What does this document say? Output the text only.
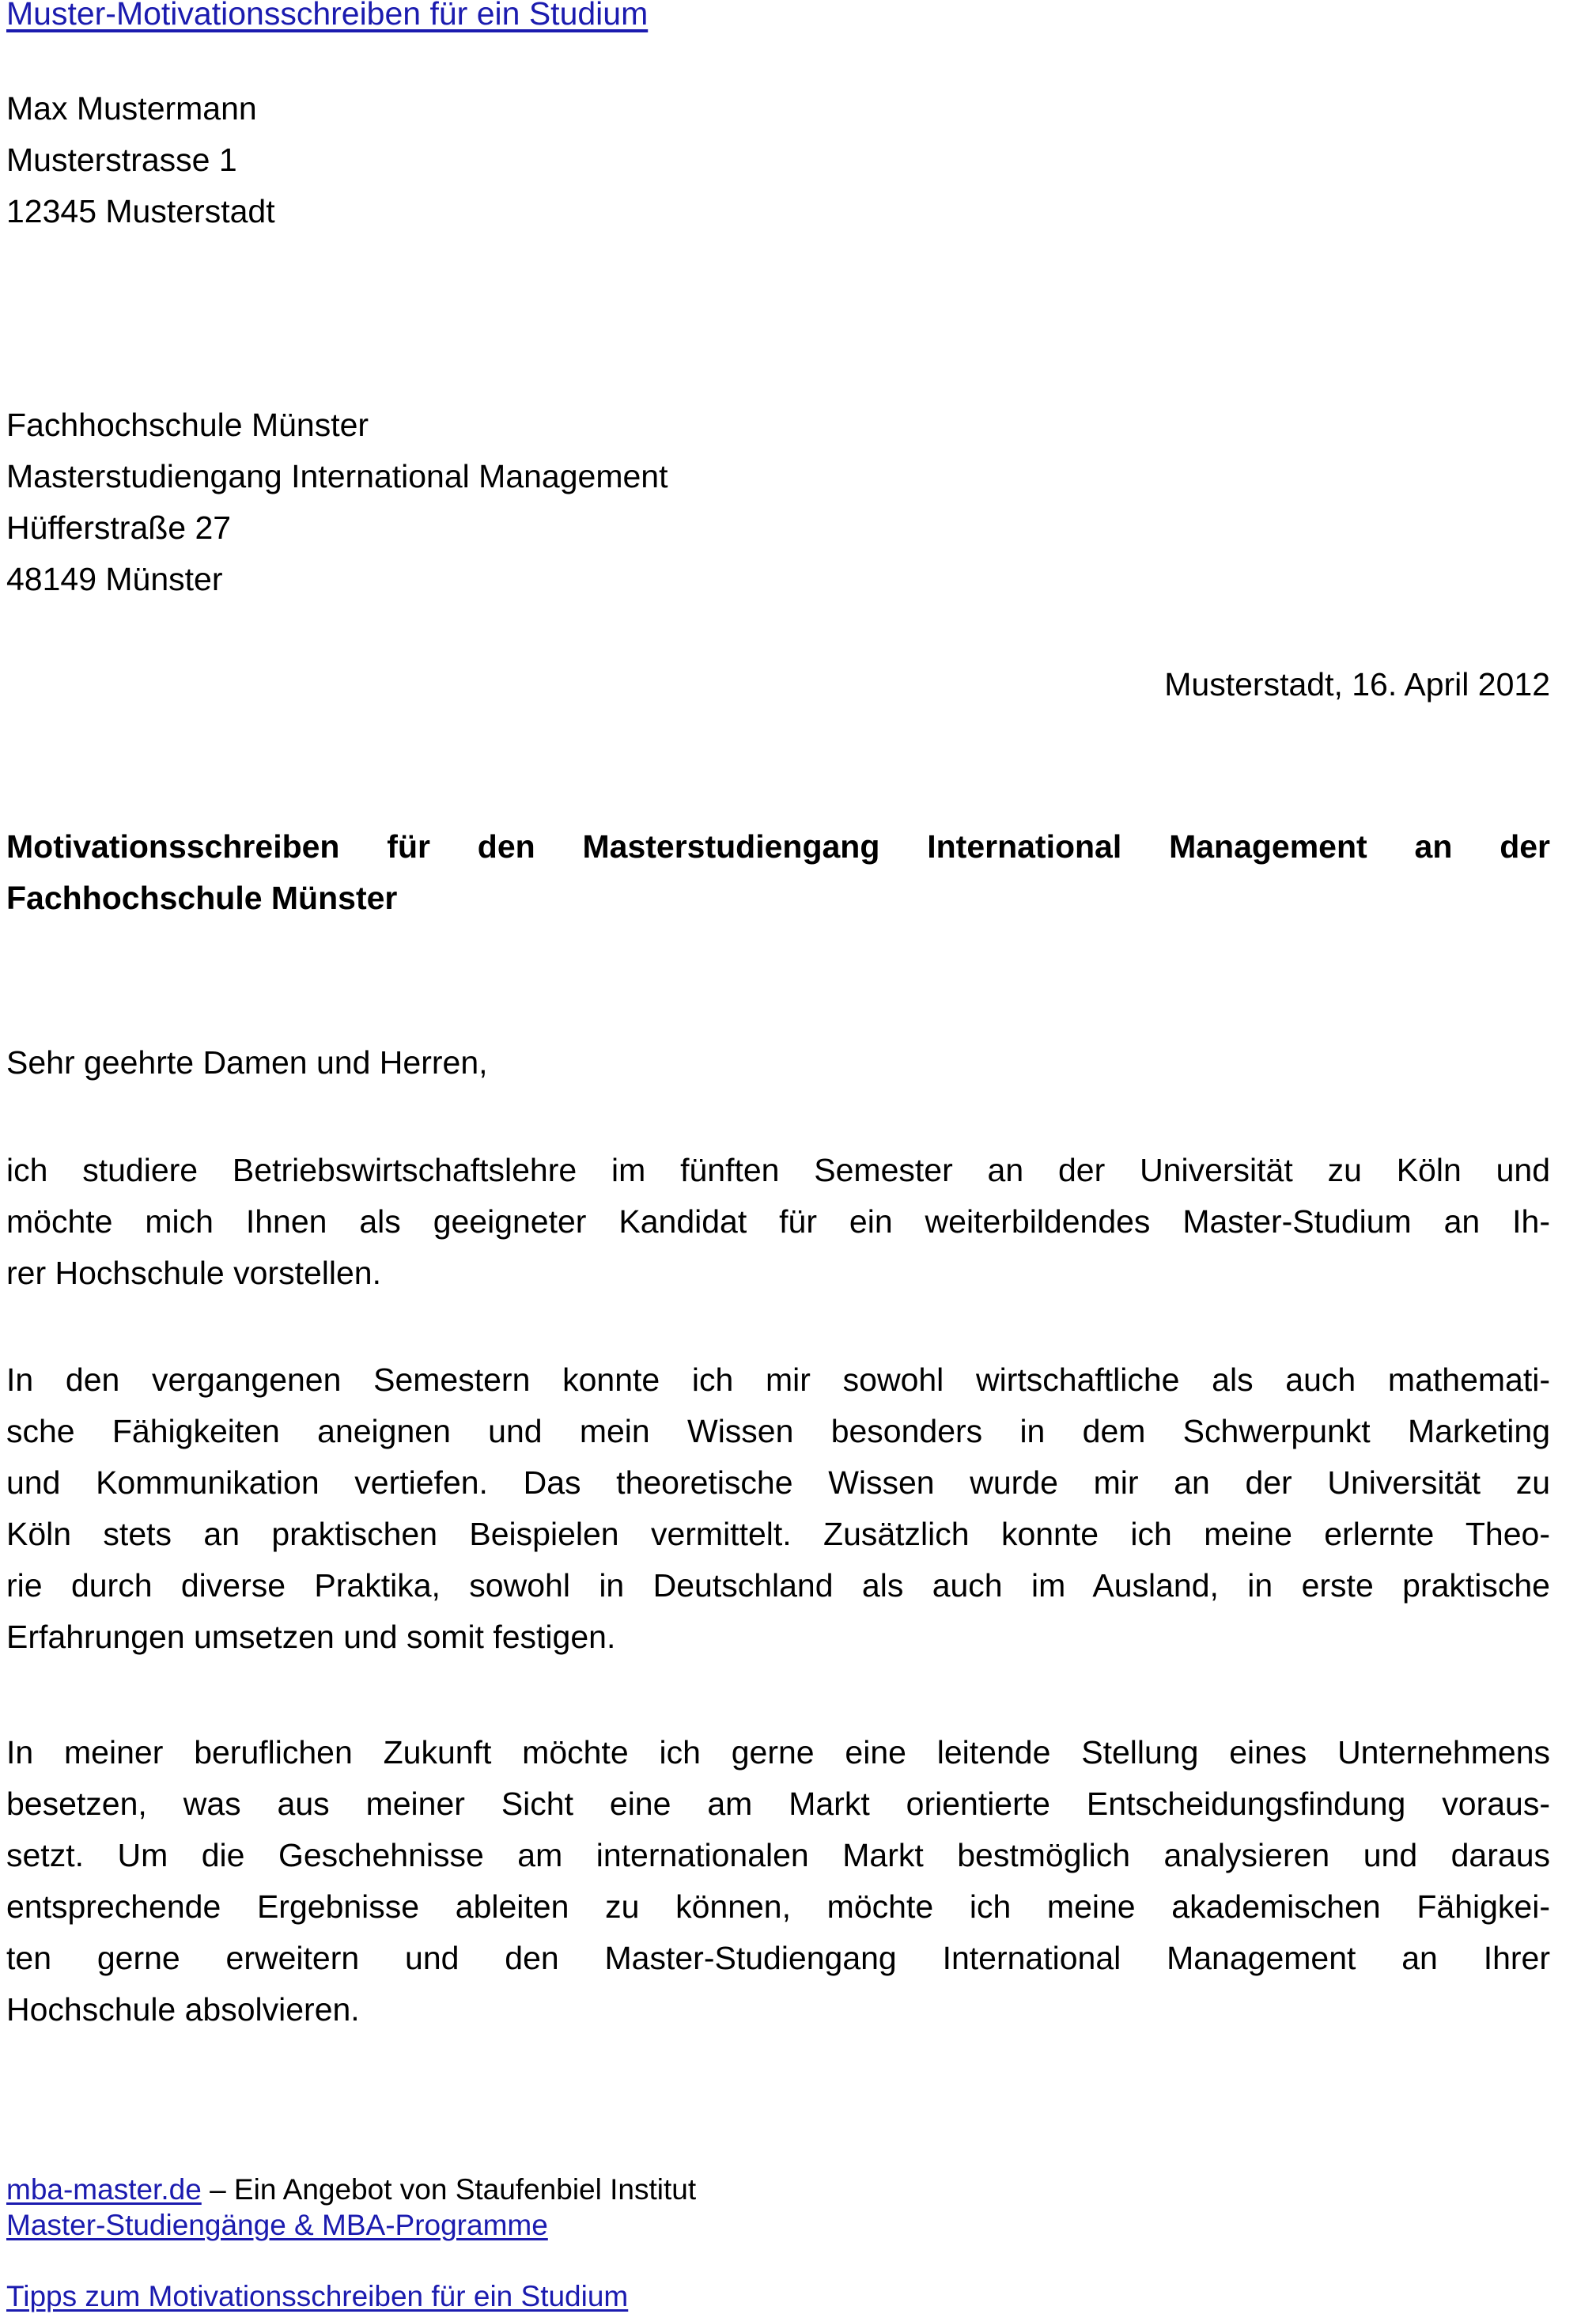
Muster-Motivationsschreiben für ein Studium
Max Mustermann
Musterstrasse 1
12345 Musterstadt
Fachhochschule Münster
Masterstudiengang International Management
Hüfferstraße 27
48149 Münster
Musterstadt, 16. April 2012
Motivationsschreiben für den Masterstudiengang International Management an der
Fachhochschule Münster
Sehr geehrte Damen und Herren,
ich studiere Betriebswirtschaftslehre im fünften Semester an der Universität zu Köln und
möchte mich Ihnen als geeigneter Kandidat für ein weiterbildendes Master-Studium an Ih-
rer Hochschule vorstellen.
In den vergangenen Semestern konnte ich mir sowohl wirtschaftliche als auch mathemati-
sche Fähigkeiten aneignen und mein Wissen besonders in dem Schwerpunkt Marketing
und Kommunikation vertiefen. Das theoretische Wissen wurde mir an der Universität zu
Köln stets an praktischen Beispielen vermittelt. Zusätzlich konnte ich meine erlernte Theo-
rie durch diverse Praktika, sowohl in Deutschland als auch im Ausland, in erste praktische
Erfahrungen umsetzen und somit festigen.
In meiner beruflichen Zukunft möchte ich gerne eine leitende Stellung eines Unternehmens
besetzen, was aus meiner Sicht eine am Markt orientierte Entscheidungsfindung voraus-
setzt. Um die Geschehnisse am internationalen Markt bestmöglich analysieren und daraus
entsprechende Ergebnisse ableiten zu können, möchte ich meine akademischen Fähigkei-
ten gerne erweitern und den Master-Studiengang International Management an Ihrer
Hochschule absolvieren.
mba-master.de – Ein Angebot von Staufenbiel Institut
Master-Studiengänge & MBA-Programme
Tipps zum Motivationsschreiben für ein Studium
